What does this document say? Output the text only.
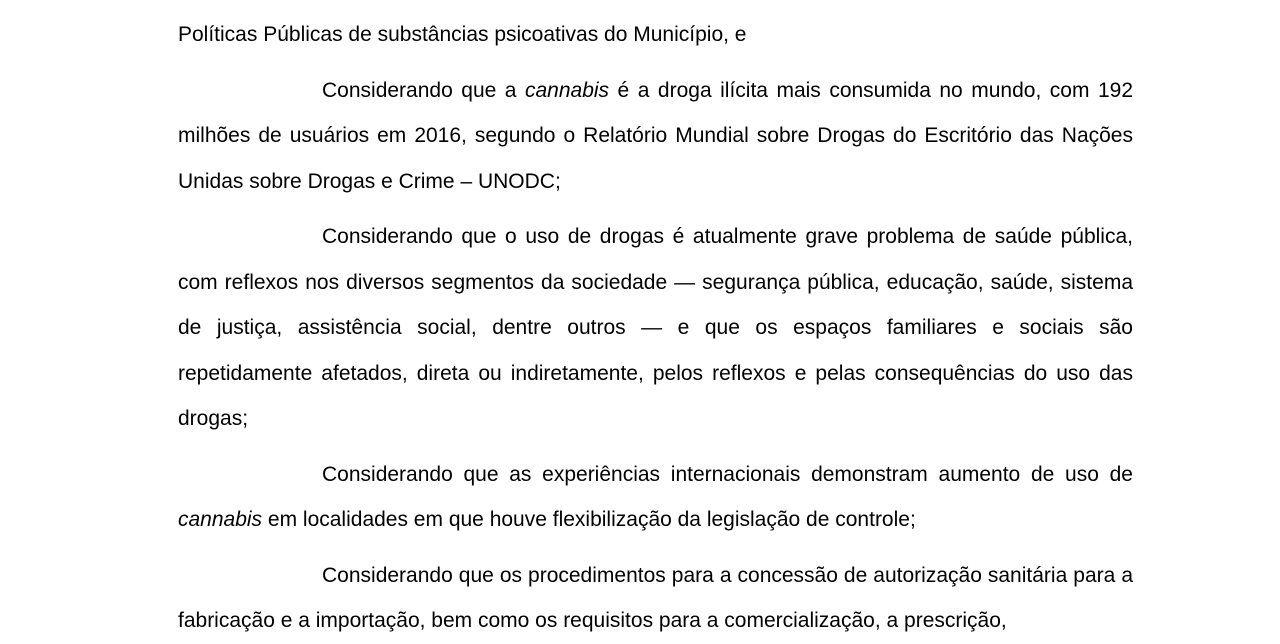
Políticas Públicas de substâncias psicoativas do Município, e

Considerando que a cannabis é a droga ilícita mais consumida no mundo, com 192 milhões de usuários em 2016, segundo o Relatório Mundial sobre Drogas do Escritório das Nações Unidas sobre Drogas e Crime – UNODC;

Considerando que o uso de drogas é atualmente grave problema de saúde pública, com reflexos nos diversos segmentos da sociedade — segurança pública, educação, saúde, sistema de justiça, assistência social, dentre outros — e que os espaços familiares e sociais são repetidamente afetados, direta ou indiretamente, pelos reflexos e pelas consequências do uso das drogas;

Considerando que as experiências internacionais demonstram aumento de uso de cannabis em localidades em que houve flexibilização da legislação de controle;

Considerando que os procedimentos para a concessão de autorização sanitária para a fabricação e a importação, bem como os requisitos para a comercialização, a prescrição,
